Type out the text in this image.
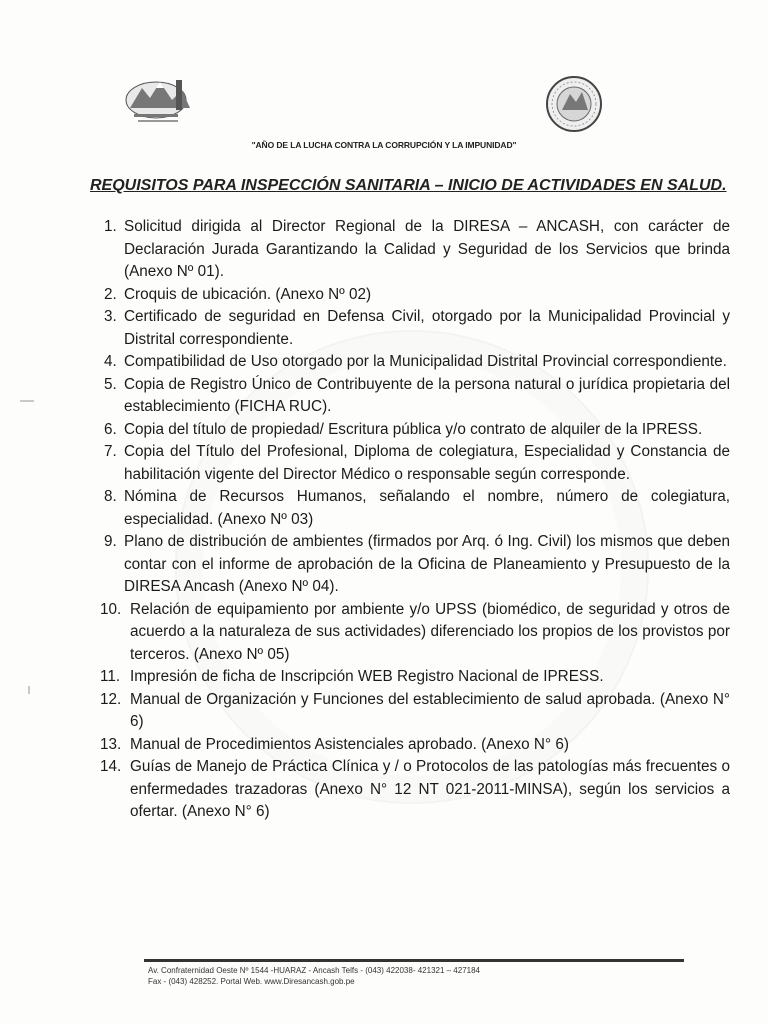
"AÑO DE LA LUCHA CONTRA LA CORRUPCIÓN Y LA IMPUNIDAD"
REQUISITOS PARA INSPECCIÓN SANITARIA – INICIO DE ACTIVIDADES EN SALUD.
1. Solicitud dirigida al Director Regional de la DIRESA – ANCASH, con carácter de Declaración Jurada Garantizando la Calidad y Seguridad de los Servicios que brinda (Anexo Nº 01).
2. Croquis de ubicación. (Anexo Nº 02)
3. Certificado de seguridad en Defensa Civil, otorgado por la Municipalidad Provincial y Distrital correspondiente.
4. Compatibilidad de Uso otorgado por la Municipalidad Distrital Provincial correspondiente.
5. Copia de Registro Único de Contribuyente de la persona natural o jurídica propietaria del establecimiento (FICHA RUC).
6. Copia del título de propiedad/ Escritura pública y/o contrato de alquiler de la IPRESS.
7. Copia del Título del Profesional, Diploma de colegiatura, Especialidad y Constancia de habilitación vigente del Director Médico o responsable según corresponde.
8. Nómina de Recursos Humanos, señalando el nombre, número de colegiatura, especialidad. (Anexo Nº 03)
9. Plano de distribución de ambientes (firmados por Arq. ó Ing. Civil) los mismos que deben contar con el informe de aprobación de la Oficina de Planeamiento y Presupuesto de la DIRESA Ancash (Anexo Nº 04).
10. Relación de equipamiento por ambiente y/o UPSS (biomédico, de seguridad y otros de acuerdo a la naturaleza de sus actividades) diferenciado los propios de los provistos por terceros. (Anexo Nº 05)
11. Impresión de ficha de Inscripción WEB Registro Nacional de IPRESS.
12. Manual de Organización y Funciones del establecimiento de salud aprobada. (Anexo N° 6)
13. Manual de Procedimientos Asistenciales aprobado. (Anexo N° 6)
14. Guías de Manejo de Práctica Clínica y / o Protocolos de las patologías más frecuentes o enfermedades trazadoras (Anexo N° 12 NT 021-2011-MINSA), según los servicios a ofertar. (Anexo N° 6)
Av. Confraternidad Oeste Nº 1544 -HUARAZ - Ancash Telfs - (043) 422038- 421321 – 427184
Fax - (043) 428252. Portal Web. www.Diresancash.gob.pe
